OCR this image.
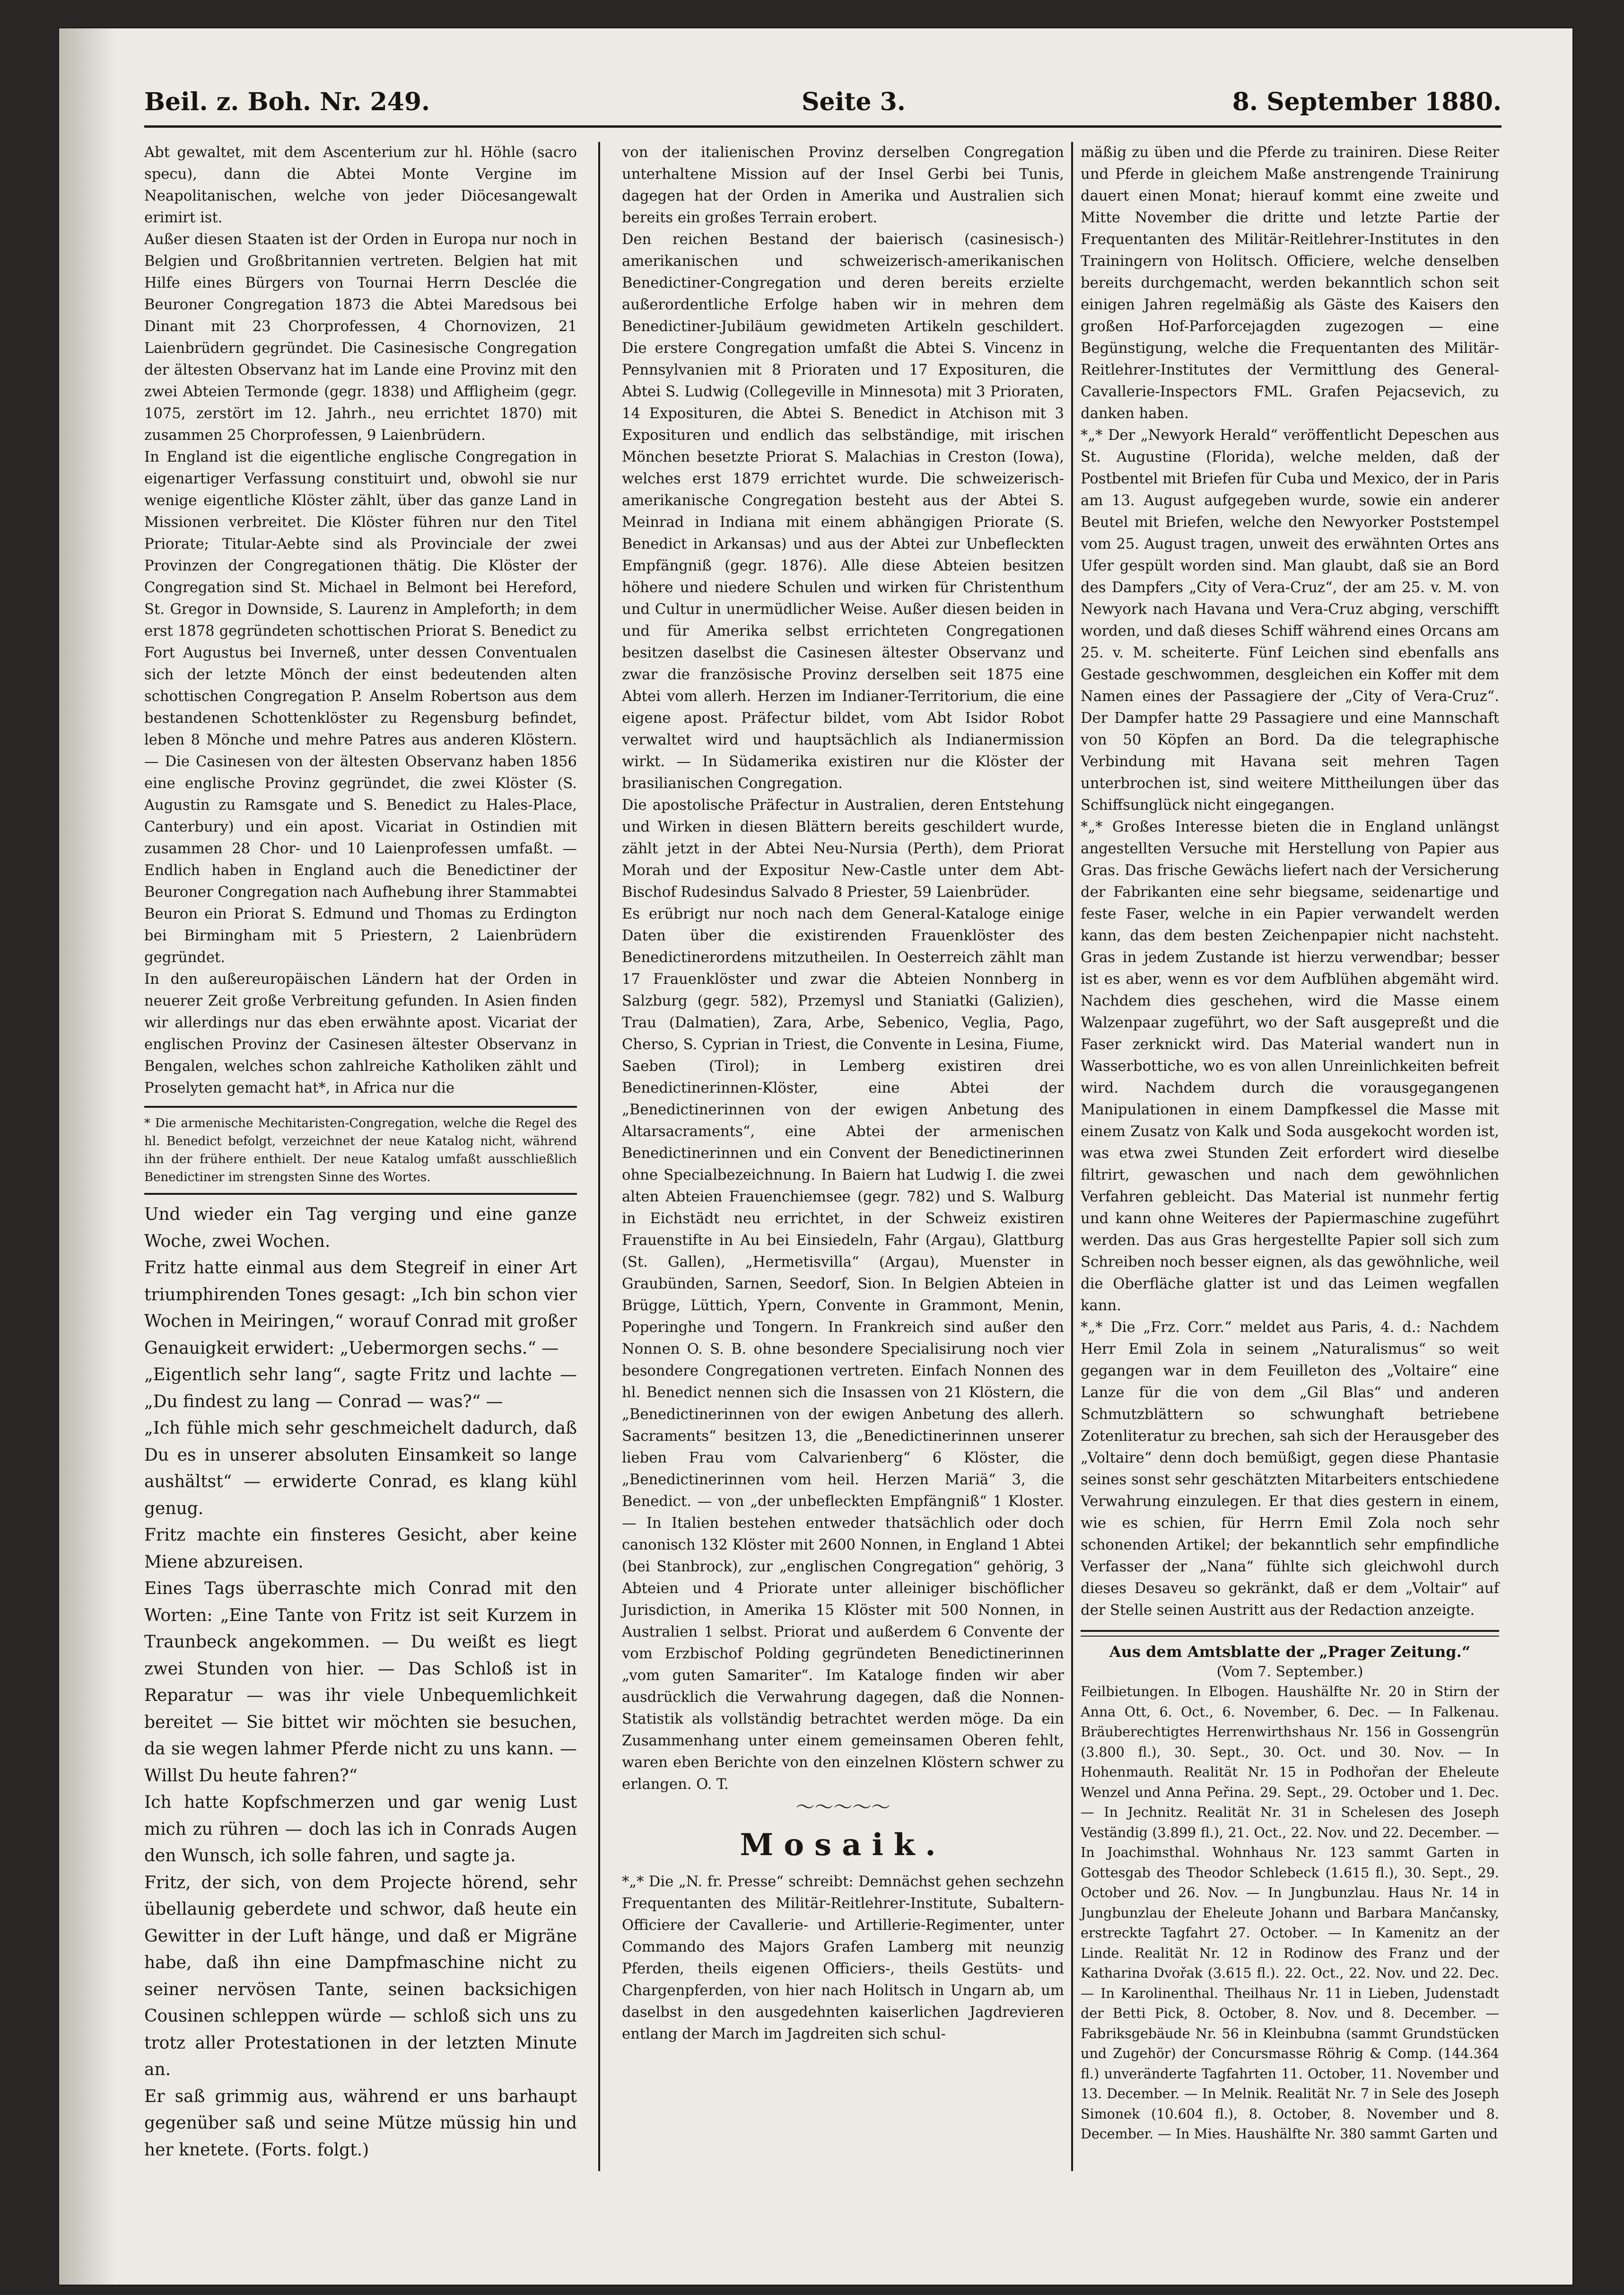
Beil. z. Boh. Nr. 249.	Seite 3.	8. September 1880.

Abt gewaltet, mit dem Ascenterium zur hl. Höhle (sacro specu), dann die Abtei Monte Vergine im Neapolitanischen, welche von jeder Diöcesangewalt erimirt ist.

Außer diesen Staaten ist der Orden in Europa nur noch in Belgien und Großbritannien vertreten. Belgien hat mit Hilfe eines Bürgers von Tournai Herrn Desclée die Beuroner Congregation 1873 die Abtei Maredsous bei Dinant mit 23 Chorprofessen, 4 Chornovizen, 21 Laienbrüdern gegründet. Die Casinesische Congregation der ältesten Observanz hat im Lande eine Provinz mit den zwei Abteien Termonde (gegr. 1838) und Affligheim (gegr. 1075, zerstört im 12. Jahrh., neu errichtet 1870) mit zusammen 25 Chorprofessen, 9 Laienbrüdern.

In England ist die eigentliche englische Congregation in eigenartiger Verfassung constituirt und, obwohl sie nur wenige eigentliche Klöster zählt, über das ganze Land in Missionen verbreitet. Die Klöster führen nur den Titel Priorate; Titular-Aebte sind als Provinciale der zwei Provinzen der Congregationen thätig. Die Klöster der Congregation sind St. Michael in Belmont bei Hereford, St. Gregor in Downside, S. Laurenz in Ampleforth; in dem erst 1878 gegründeten schottischen Priorat S. Benedict zu Fort Augustus bei Inverneß, unter dessen Conventualen sich der letzte Mönch der einst bedeutenden alten schottischen Congregation P. Anselm Robertson aus dem bestandenen Schottenklöster zu Regensburg befindet, leben 8 Mönche und mehre Patres aus anderen Klöstern. — Die Casinesen von der ältesten Observanz haben 1856 eine englische Provinz gegründet, die zwei Klöster (S. Augustin zu Ramsgate und S. Benedict zu Hales-Place, Canterbury) und ein apost. Vicariat in Ostindien mit zusammen 28 Chor- und 10 Laienprofessen umfaßt. — Endlich haben in England auch die Benedictiner der Beuroner Congregation nach Aufhebung ihrer Stammabtei Beuron ein Priorat S. Edmund und Thomas zu Erdington bei Birmingham mit 5 Priestern, 2 Laienbrüdern gegründet.

In den außereuropäischen Ländern hat der Orden in neuerer Zeit große Verbreitung gefunden. In Asien finden wir allerdings nur das eben erwähnte apost. Vicariat der englischen Provinz der Casinesen ältester Observanz in Bengalen, welches schon zahlreiche Katholiken zählt und Proselyten gemacht hat*, in Africa nur die

* Die armenische Mechitaristen-Congregation, welche die Regel des hl. Benedict befolgt, verzeichnet der neue Katalog nicht, während ihn der frühere enthielt. Der neue Katalog umfaßt ausschließlich Benedictiner im strengsten Sinne des Wortes.

Und wieder ein Tag verging und eine ganze Woche, zwei Wochen.

Fritz hatte einmal aus dem Stegreif in einer Art triumphirenden Tones gesagt: „Ich bin schon vier Wochen in Meiringen,“ worauf Conrad mit großer Genauigkeit erwidert: „Uebermorgen sechs.“ —

„Eigentlich sehr lang“, sagte Fritz und lachte — „Du findest zu lang — Conrad — was?“ —

„Ich fühle mich sehr geschmeichelt dadurch, daß Du es in unserer absoluten Einsamkeit so lange aushältst“ — erwiderte Conrad, es klang kühl genug.

Fritz machte ein finsteres Gesicht, aber keine Miene abzureisen.

Eines Tags überraschte mich Conrad mit den Worten: „Eine Tante von Fritz ist seit Kurzem in Traunbeck angekommen. — Du weißt es liegt zwei Stunden von hier. — Das Schloß ist in Reparatur — was ihr viele Unbequemlichkeit bereitet — Sie bittet wir möchten sie besuchen, da sie wegen lahmer Pferde nicht zu uns kann. — Willst Du heute fahren?“

Ich hatte Kopfschmerzen und gar wenig Lust mich zu rühren — doch las ich in Conrads Augen den Wunsch, ich solle fahren, und sagte ja.

Fritz, der sich, von dem Projecte hörend, sehr übellaunig geberdete und schwor, daß heute ein Gewitter in der Luft hänge, und daß er Migräne habe, daß ihn eine Dampfmaschine nicht zu seiner nervösen Tante, seinen backsichigen Cousinen schleppen würde — schloß sich uns zu trotz aller Protestationen in der letzten Minute an.

Er saß grimmig aus, während er uns barhaupt gegenüber saß und seine Mütze müssig hin und her knetete. (Forts. folgt.)

von der italienischen Provinz derselben Congregation unterhaltene Mission auf der Insel Gerbi bei Tunis, dagegen hat der Orden in Amerika und Australien sich bereits ein großes Terrain erobert.

Den reichen Bestand der baierisch (casinesisch-) amerikanischen und schweizerisch-amerikanischen Benedictiner-Congregation und deren bereits erzielte außerordentliche Erfolge haben wir in mehren dem Benedictiner-Jubiläum gewidmeten Artikeln geschildert. Die erstere Congregation umfaßt die Abtei S. Vincenz in Pennsylvanien mit 8 Prioraten und 17 Exposituren, die Abtei S. Ludwig (Collegeville in Minnesota) mit 3 Prioraten, 14 Exposituren, die Abtei S. Benedict in Atchison mit 3 Exposituren und endlich das selbständige, mit irischen Mönchen besetzte Priorat S. Malachias in Creston (Iowa), welches erst 1879 errichtet wurde. Die schweizerisch-amerikanische Congregation besteht aus der Abtei S. Meinrad in Indiana mit einem abhängigen Priorate (S. Benedict in Arkansas) und aus der Abtei zur Unbefleckten Empfängniß (gegr. 1876). Alle diese Abteien besitzen höhere und niedere Schulen und wirken für Christenthum und Cultur in unermüdlicher Weise. Außer diesen beiden in und für Amerika selbst errichteten Congregationen besitzen daselbst die Casinesen ältester Observanz und zwar die französische Provinz derselben seit 1875 eine Abtei vom allerh. Herzen im Indianer-Territorium, die eine eigene apost. Präfectur bildet, vom Abt Isidor Robot verwaltet wird und hauptsächlich als Indianermission wirkt. — In Südamerika existiren nur die Klöster der brasilianischen Congregation.

Die apostolische Präfectur in Australien, deren Entstehung und Wirken in diesen Blättern bereits geschildert wurde, zählt jetzt in der Abtei Neu-Nursia (Perth), dem Priorat Morah und der Expositur New-Castle unter dem Abt-Bischof Rudesindus Salvado 8 Priester, 59 Laienbrüder.

Es erübrigt nur noch nach dem General-Kataloge einige Daten über die existirenden Frauenklöster des Benedictinerordens mitzutheilen. In Oesterreich zählt man 17 Frauenklöster und zwar die Abteien Nonnberg in Salzburg (gegr. 582), Przemysl und Staniatki (Galizien), Trau (Dalmatien), Zara, Arbe, Sebenico, Veglia, Pago, Cherso, S. Cyprian in Triest, die Convente in Lesina, Fiume, Saeben (Tirol); in Lemberg existiren drei Benedictinerinnen-Klöster, eine Abtei der „Benedictinerinnen von der ewigen Anbetung des Altarsacraments“, eine Abtei der armenischen Benedictinerinnen und ein Convent der Benedictinerinnen ohne Specialbezeichnung. In Baiern hat Ludwig I. die zwei alten Abteien Frauenchiemsee (gegr. 782) und S. Walburg in Eichstädt neu errichtet, in der Schweiz existiren Frauenstifte in Au bei Einsiedeln, Fahr (Argau), Glattburg (St. Gallen), „Hermetisvilla“ (Argau), Muenster in Graubünden, Sarnen, Seedorf, Sion. In Belgien Abteien in Brügge, Lüttich, Ypern, Convente in Grammont, Menin, Poperinghe und Tongern. In Frankreich sind außer den Nonnen O. S. B. ohne besondere Specialisirung noch vier besondere Congregationen vertreten. Einfach Nonnen des hl. Benedict nennen sich die Insassen von 21 Klöstern, die „Benedictinerinnen von der ewigen Anbetung des allerh. Sacraments“ besitzen 13, die „Benedictinerinnen unserer lieben Frau vom Calvarienberg“ 6 Klöster, die „Benedictinerinnen vom heil. Herzen Mariä“ 3, die Benedict. — von „der unbefleckten Empfängniß“ 1 Kloster. — In Italien bestehen entweder thatsächlich oder doch canonisch 132 Klöster mit 2600 Nonnen, in England 1 Abtei (bei Stanbrock), zur „englischen Congregation“ gehörig, 3 Abteien und 4 Priorate unter alleiniger bischöflicher Jurisdiction, in Amerika 15 Klöster mit 500 Nonnen, in Australien 1 selbst. Priorat und außerdem 6 Convente der vom Erzbischof Polding gegründeten Benedictinerinnen „vom guten Samariter“. Im Kataloge finden wir aber ausdrücklich die Verwahrung dagegen, daß die Nonnen-Statistik als vollständig betrachtet werden möge. Da ein Zusammenhang unter einem gemeinsamen Oberen fehlt, waren eben Berichte von den einzelnen Klöstern schwer zu erlangen. O. T.

〜〜〜〜〜
Mosaik.

*„* Die „N. fr. Presse“ schreibt: Demnächst gehen sechzehn Frequentanten des Militär-Reitlehrer-Institute, Subaltern-Officiere der Cavallerie- und Artillerie-Regimenter, unter Commando des Majors Grafen Lamberg mit neunzig Pferden, theils eigenen Officiers-, theils Gestüts- und Chargenpferden, von hier nach Holitsch in Ungarn ab, um daselbst in den ausgedehnten kaiserlichen Jagdrevieren entlang der March im Jagdreiten sich schul-

mäßig zu üben und die Pferde zu trainiren. Diese Reiter und Pferde in gleichem Maße anstrengende Trainirung dauert einen Monat; hierauf kommt eine zweite und Mitte November die dritte und letzte Partie der Frequentanten des Militär-Reitlehrer-Institutes in den Trainingern von Holitsch. Officiere, welche denselben bereits durchgemacht, werden bekanntlich schon seit einigen Jahren regelmäßig als Gäste des Kaisers den großen Hof-Parforcejagden zugezogen — eine Begünstigung, welche die Frequentanten des Militär-Reitlehrer-Institutes der Vermittlung des General-Cavallerie-Inspectors FML. Grafen Pejacsevich, zu danken haben.

*„* Der „Newyork Herald“ veröffentlicht Depeschen aus St. Augustine (Florida), welche melden, daß der Postbentel mit Briefen für Cuba und Mexico, der in Paris am 13. August aufgegeben wurde, sowie ein anderer Beutel mit Briefen, welche den Newyorker Poststempel vom 25. August tragen, unweit des erwähnten Ortes ans Ufer gespült worden sind. Man glaubt, daß sie an Bord des Dampfers „City of Vera-Cruz“, der am 25. v. M. von Newyork nach Havana und Vera-Cruz abging, verschifft worden, und daß dieses Schiff während eines Orcans am 25. v. M. scheiterte. Fünf Leichen sind ebenfalls ans Gestade geschwommen, desgleichen ein Koffer mit dem Namen eines der Passagiere der „City of Vera-Cruz“. Der Dampfer hatte 29 Passagiere und eine Mannschaft von 50 Köpfen an Bord. Da die telegraphische Verbindung mit Havana seit mehren Tagen unterbrochen ist, sind weitere Mittheilungen über das Schiffsunglück nicht eingegangen.

*„* Großes Interesse bieten die in England unlängst angestellten Versuche mit Herstellung von Papier aus Gras. Das frische Gewächs liefert nach der Versicherung der Fabrikanten eine sehr biegsame, seidenartige und feste Faser, welche in ein Papier verwandelt werden kann, das dem besten Zeichenpapier nicht nachsteht. Gras in jedem Zustande ist hierzu verwendbar; besser ist es aber, wenn es vor dem Aufblühen abgemäht wird. Nachdem dies geschehen, wird die Masse einem Walzenpaar zugeführt, wo der Saft ausgepreßt und die Faser zerknickt wird. Das Material wandert nun in Wasserbottiche, wo es von allen Unreinlichkeiten befreit wird. Nachdem durch die vorausgegangenen Manipulationen in einem Dampfkessel die Masse mit einem Zusatz von Kalk und Soda ausgekocht worden ist, was etwa zwei Stunden Zeit erfordert wird dieselbe filtrirt, gewaschen und nach dem gewöhnlichen Verfahren gebleicht. Das Material ist nunmehr fertig und kann ohne Weiteres der Papiermaschine zugeführt werden. Das aus Gras hergestellte Papier soll sich zum Schreiben noch besser eignen, als das gewöhnliche, weil die Oberfläche glatter ist und das Leimen wegfallen kann.

*„* Die „Frz. Corr.“ meldet aus Paris, 4. d.: Nachdem Herr Emil Zola in seinem „Naturalismus“ so weit gegangen war in dem Feuilleton des „Voltaire“ eine Lanze für die von dem „Gil Blas“ und anderen Schmutzblättern so schwunghaft betriebene Zotenliteratur zu brechen, sah sich der Herausgeber des „Voltaire“ denn doch bemüßigt, gegen diese Phantasie seines sonst sehr geschätzten Mitarbeiters entschiedene Verwahrung einzulegen. Er that dies gestern in einem, wie es schien, für Herrn Emil Zola noch sehr schonenden Artikel; der bekanntlich sehr empfindliche Verfasser der „Nana“ fühlte sich gleichwohl durch dieses Desaveu so gekränkt, daß er dem „Voltair“ auf der Stelle seinen Austritt aus der Redaction anzeigte.

Aus dem Amtsblatte der „Prager Zeitung.“
(Vom 7. September.)

Feilbietungen. In Elbogen. Haushälfte Nr. 20 in Stirn der Anna Ott, 6. Oct., 6. November, 6. Dec. — In Falkenau. Bräuberechtigtes Herrenwirthshaus Nr. 156 in Gossengrün (3.800 fl.), 30. Sept., 30. Oct. und 30. Nov. — In Hohenmauth. Realität Nr. 15 in Podhořan der Eheleute Wenzel und Anna Peřina. 29. Sept., 29. October und 1. Dec. — In Jechnitz. Realität Nr. 31 in Schelesen des Joseph Veständig (3.899 fl.), 21. Oct., 22. Nov. und 22. December. — In Joachimsthal. Wohnhaus Nr. 123 sammt Garten in Gottesgab des Theodor Schlebeck (1.615 fl.), 30. Sept., 29. October und 26. Nov. — In Jungbunzlau. Haus Nr. 14 in Jungbunzlau der Eheleute Johann und Barbara Mančansky, erstreckte Tagfahrt 27. October. — In Kamenitz an der Linde. Realität Nr. 12 in Rodinow des Franz und der Katharina Dvořak (3.615 fl.). 22. Oct., 22. Nov. und 22. Dec. — In Karolinenthal. Theilhaus Nr. 11 in Lieben, Judenstadt der Betti Pick, 8. October, 8. Nov. und 8. December. — Fabriksgebäude Nr. 56 in Kleinbubna (sammt Grundstücken und Zugehör) der Concursmasse Röhrig & Comp. (144.364 fl.) unveränderte Tagfahrten 11. October, 11. November und 13. December. — In Melnik. Realität Nr. 7 in Sele des Joseph Simonek (10.604 fl.), 8. October, 8. November und 8. December. — In Mies. Haushälfte Nr. 380 sammt Garten und
